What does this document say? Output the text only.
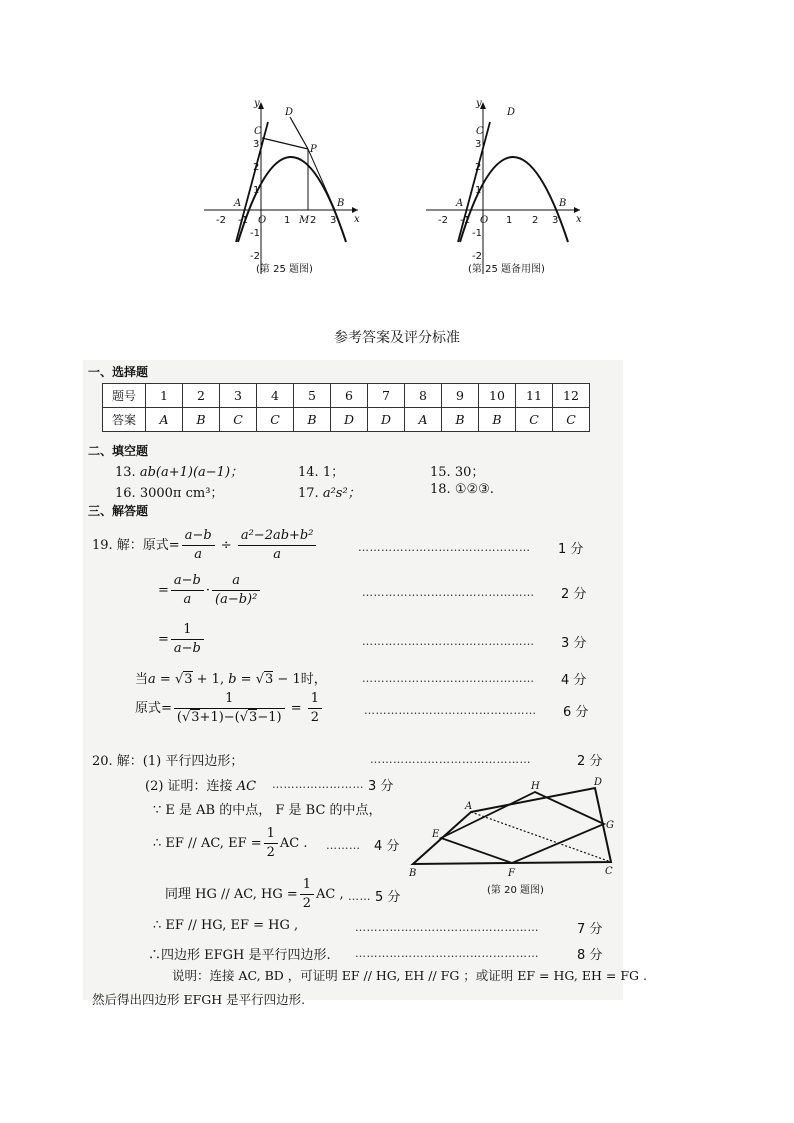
y
x
D
C
P
A	B
O	M
-2 -1	1 2 3
3
2
1
-1
-2
(第 25 题图)
y
x
D
C
A	B
O
-2 -1	1 2 3
3
2
1
-1
-2
(第 25 题备用图)
参考答案及评分标准
一、选择题
题号	1	2	3	4	5	6	7	8	9	10	11	12
答案	A	B	C	C	B	D	D	A	B	B	C	C
二、填空题
13. ab(a+1)(a−1)；	14. 1；	15. 30；
16. 3000π cm³；	17. a²s²；	18. ①②③.
三、解答题
19. 解：原式= $\frac{a-b}{a} \div \frac{\text{a²−2ab+b²}}{a}$	……………………………………… 1 分
= $\frac{a-b}{a} \cdot \frac{a}{\text{(a−b)²}}$	……………………………………… 2 分
= $\frac{1}{a-b}$	……………………………………… 3 分
当a = √3 + 1, b = √3 − 1时，	……………………………………… 4 分
原式= $\frac{1}{(√3+1)-(√3-1)} = \frac{1}{2}$	……………………………………… 6 分
20. 解：(1) 平行四边形；	……………………………………	2 分
(2) 证明：连接 AC …………………… 3 分
∵ E 是 AB 的中点， F 是 BC 的中点，
∴ EF // AC, EF = $\frac{1}{2}$ AC . ……… 4 分
同理 HG // AC, HG = $\frac{1}{2}$ AC , …… 5 分
∴ EF // HG, EF = HG ,	…………………………………………	7 分
∴四边形 EFGH 是平行四边形. …………………………………………	8 分
说明：连接 AC, BD ，可证明 EF // HG, EH // FG ；或证明 EF = HG, EH = FG .
然后得出四边形 EFGH 是平行四边形.
A
D
H
E
G
B	F	C
(第 20 题图)
